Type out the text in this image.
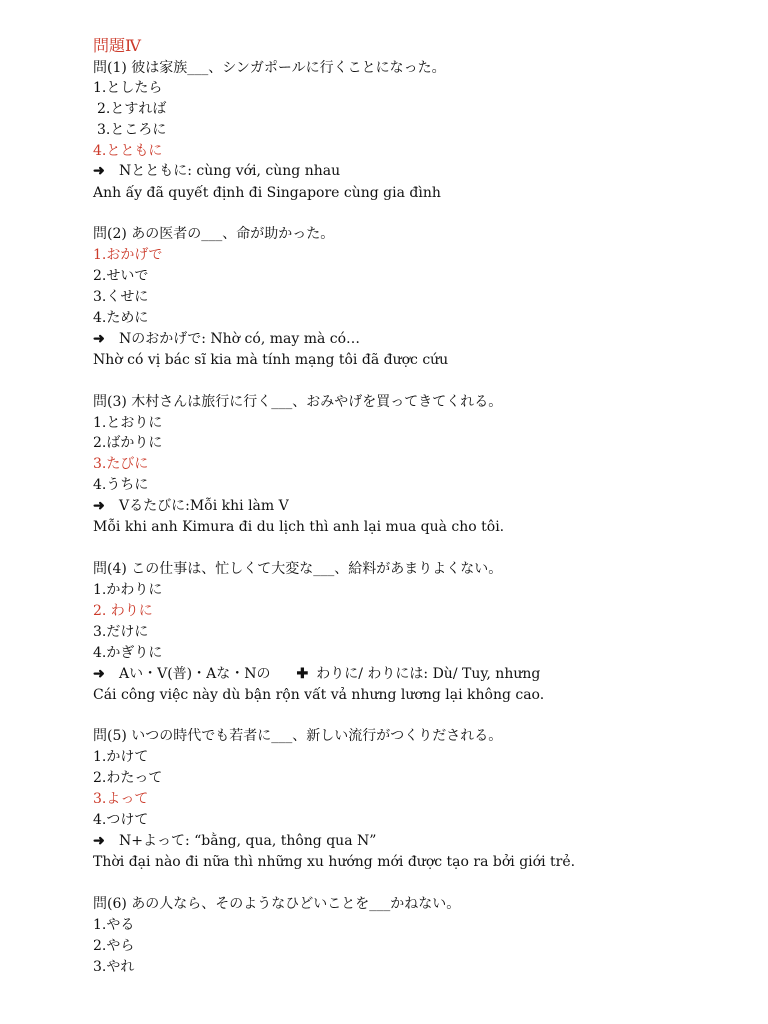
問題Ⅳ
問(1) 彼は家族___、シンガポールに行くことになった。
1.としたら
2.とすれば
3.ところに
4.とともに
➜ Nとともに: cùng với, cùng nhau
Anh ấy đã quyết định đi Singapore cùng gia đình
問(2) あの医者の___、命が助かった。
1.おかげで
2.せいで
3.くせに
4.ために
➜ Nのおかげで: Nhờ có, may mà có…
Nhờ có vị bác sĩ kia mà tính mạng tôi đã được cứu
問(3) 木村さんは旅行に行く___、おみやげを買ってきてくれる。
1.とおりに
2.ばかりに
3.たびに
4.うちに
➜ Vるたびに:Mỗi khi làm V
Mỗi khi anh Kimura đi du lịch thì anh lại mua quà cho tôi.
問(4) この仕事は、忙しくて大変な___、給料があまりよくない。
1.かわりに
2. わりに
3.だけに
4.かぎりに
➜ Aい・V(普)・Aな・Nの ✚ わりに/ わりには: Dù/ Tuy, nhưng
Cái công việc này dù bận rộn vất vả nhưng lương lại không cao.
問(5) いつの時代でも若者に___、新しい流行がつくりだされる。
1.かけて
2.わたって
3.よって
4.つけて
➜ N+よって: “bằng, qua, thông qua N”
Thời đại nào đi nữa thì những xu hướng mới được tạo ra bởi giới trẻ.
問(6) あの人なら、そのようなひどいことを___かねない。
1.やる
2.やら
3.やれ
